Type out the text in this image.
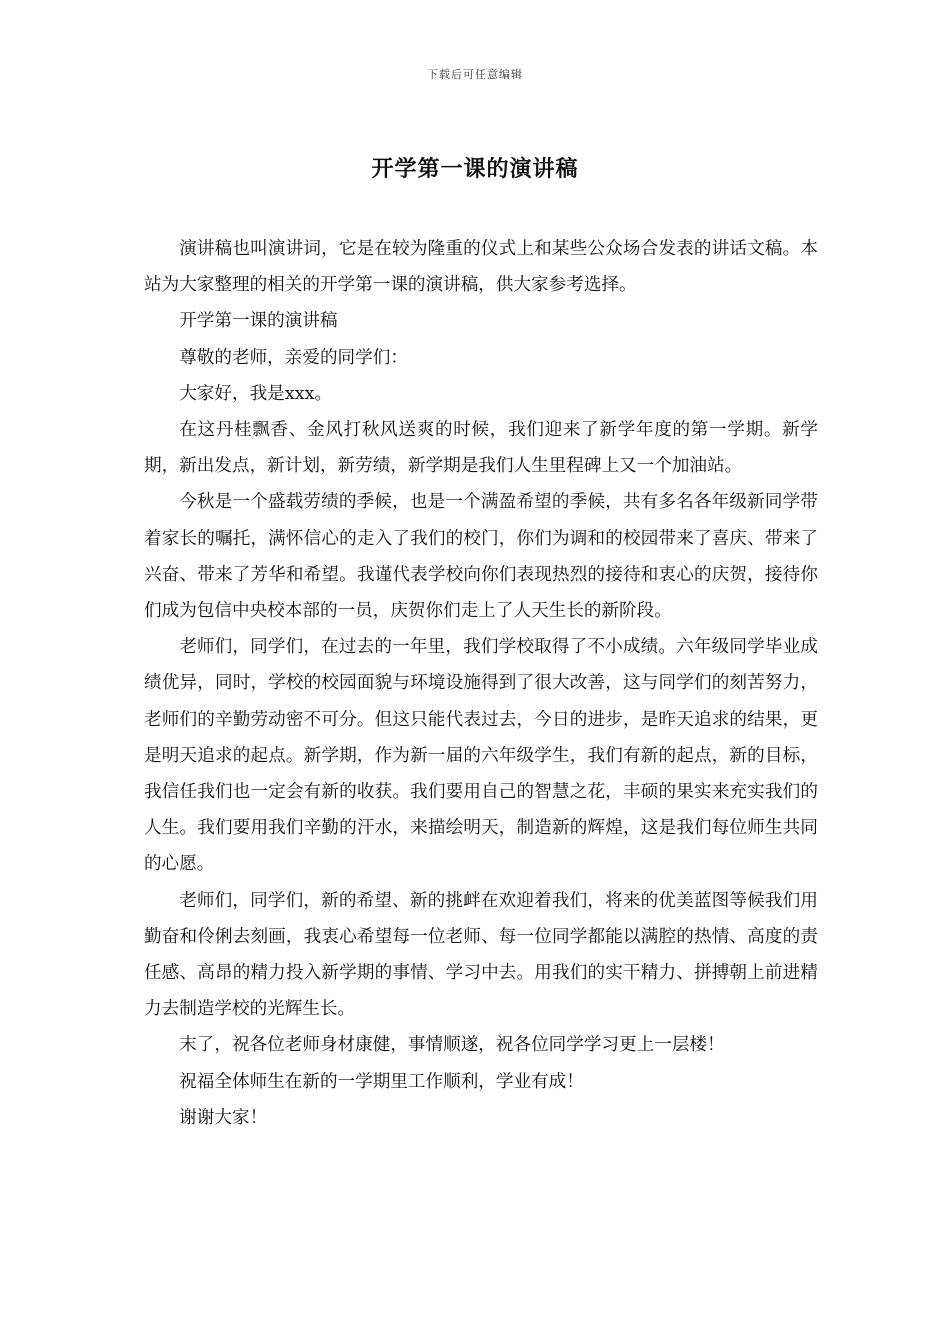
下载后可任意编辑
开学第一课的演讲稿

演讲稿也叫演讲词，它是在较为隆重的仪式上和某些公众场合发表的讲话文稿。本站为大家整理的相关的开学第一课的演讲稿，供大家参考选择。

开学第一课的演讲稿

尊敬的老师，亲爱的同学们：

大家好，我是xxx。

在这丹桂飘香、金风打秋风送爽的时候，我们迎来了新学年度的第一学期。新学期，新出发点，新计划，新劳绩，新学期是我们人生里程碑上又一个加油站。

今秋是一个盛载劳绩的季候，也是一个满盈希望的季候，共有多名各年级新同学带着家长的嘱托，满怀信心的走入了我们的校门，你们为调和的校园带来了喜庆、带来了兴奋、带来了芳华和希望。我谨代表学校向你们表现热烈的接待和衷心的庆贺，接待你们成为包信中央校本部的一员，庆贺你们走上了人天生长的新阶段。

老师们，同学们，在过去的一年里，我们学校取得了不小成绩。六年级同学毕业成绩优异，同时，学校的校园面貌与环境设施得到了很大改善，这与同学们的刻苦努力，老师们的辛勤劳动密不可分。但这只能代表过去，今日的进步，是昨天追求的结果，更是明天追求的起点。新学期，作为新一届的六年级学生，我们有新的起点，新的目标，我信任我们也一定会有新的收获。我们要用自己的智慧之花，丰硕的果实来充实我们的人生。我们要用我们辛勤的汗水，来描绘明天，制造新的辉煌，这是我们每位师生共同的心愿。

老师们，同学们，新的希望、新的挑衅在欢迎着我们，将来的优美蓝图等候我们用勤奋和伶俐去刻画，我衷心希望每一位老师、每一位同学都能以满腔的热情、高度的责任感、高昂的精力投入新学期的事情、学习中去。用我们的实干精力、拼搏朝上前进精力去制造学校的光辉生长。

末了，祝各位老师身材康健，事情顺遂，祝各位同学学习更上一层楼！

祝福全体师生在新的一学期里工作顺利，学业有成！

谢谢大家！
